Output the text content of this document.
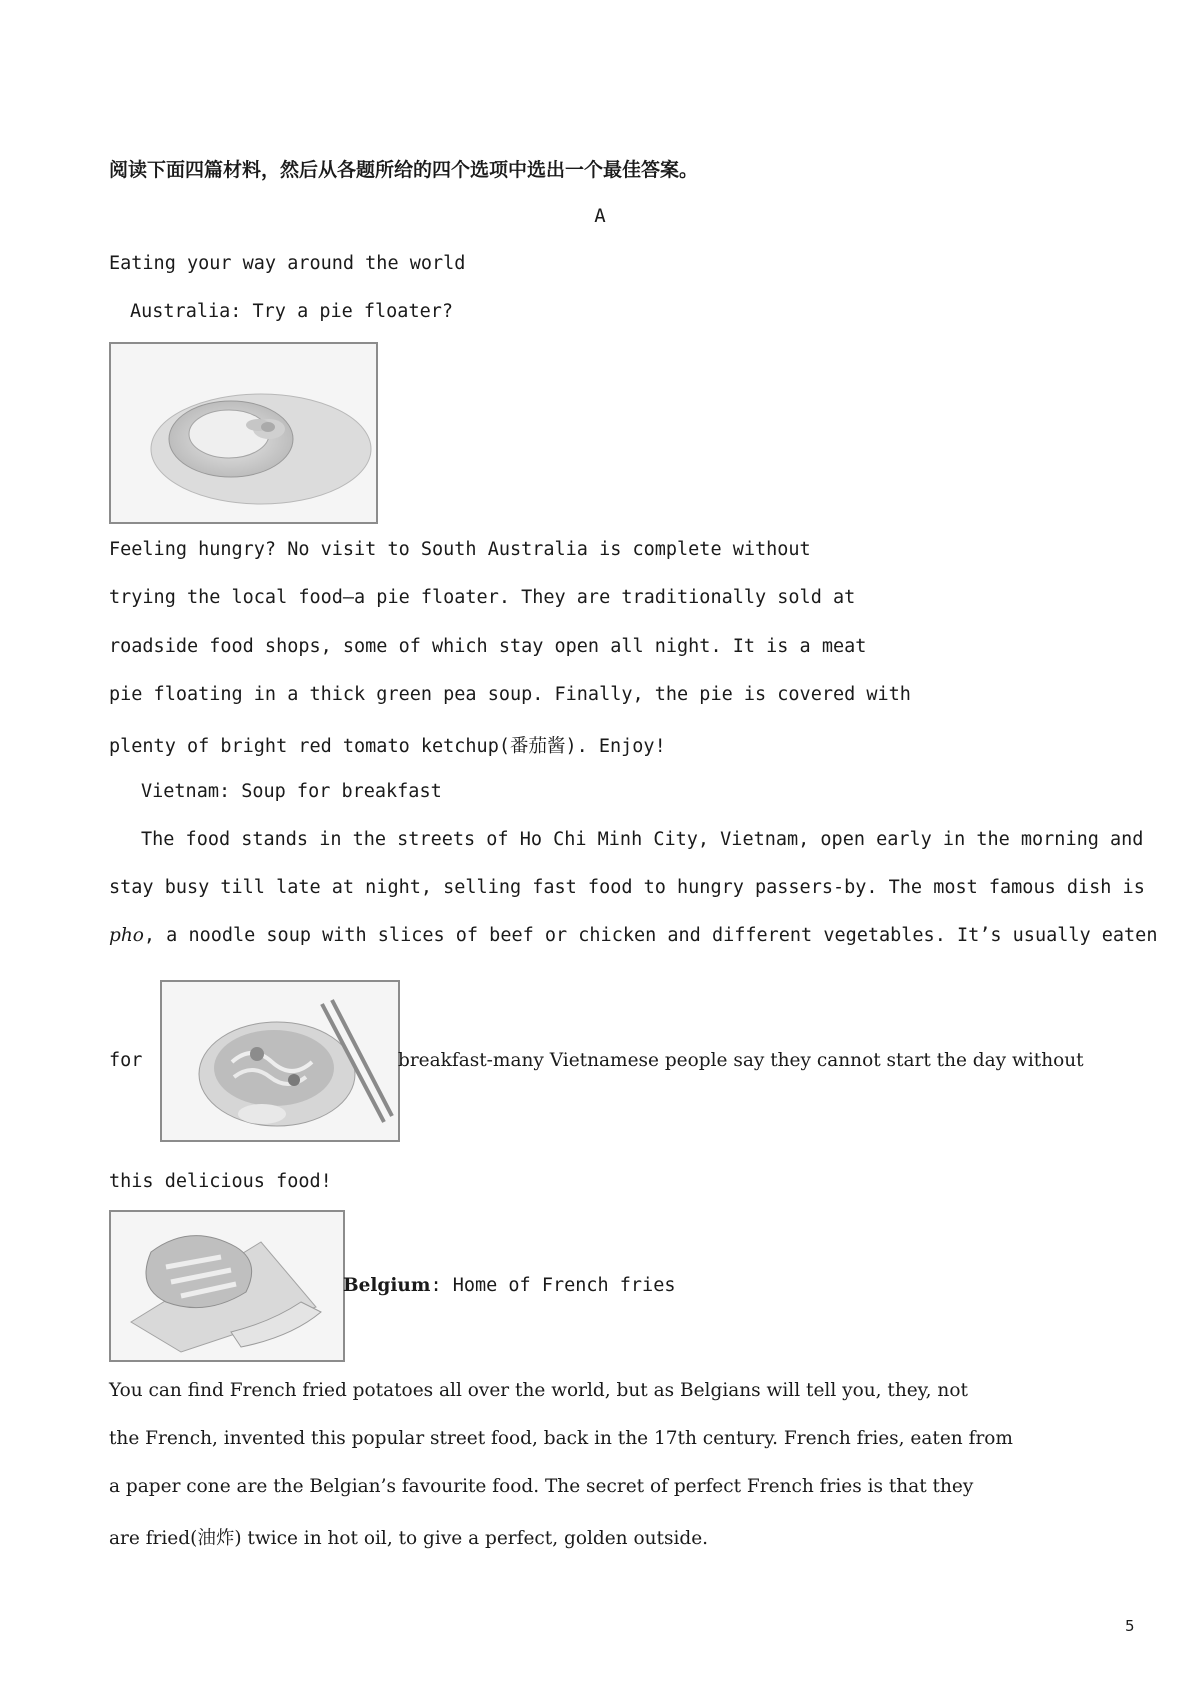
阅读下面四篇材料，然后从各题所给的四个选项中选出一个最佳答案。
A
Eating your way around the world
Australia: Try a pie floater?
Feeling hungry? No visit to South Australia is complete without
trying the local food—a pie floater. They are traditionally sold at
roadside food shops, some of which stay open all night. It is a meat
pie floating in a thick green pea soup. Finally, the pie is covered with
plenty of bright red tomato ketchup(番茄酱). Enjoy!
Vietnam: Soup for breakfast
The food stands in the streets of Ho Chi Minh City, Vietnam, open early in the morning and
stay busy till late at night, selling fast food to hungry passers-by. The most famous dish is
pho, a noodle soup with slices of beef or chicken and different vegetables. It’s usually eaten
for	breakfast-many Vietnamese people say they cannot start the day without
this delicious food!
Belgium: Home of French fries
You can find French fried potatoes all over the world, but as Belgians will tell you, they, not
the French, invented this popular street food, back in the 17th century. French fries, eaten from
a paper cone are the Belgian’s favourite food. The secret of perfect French fries is that they
are fried(油炸) twice in hot oil, to give a perfect, golden outside.
5
